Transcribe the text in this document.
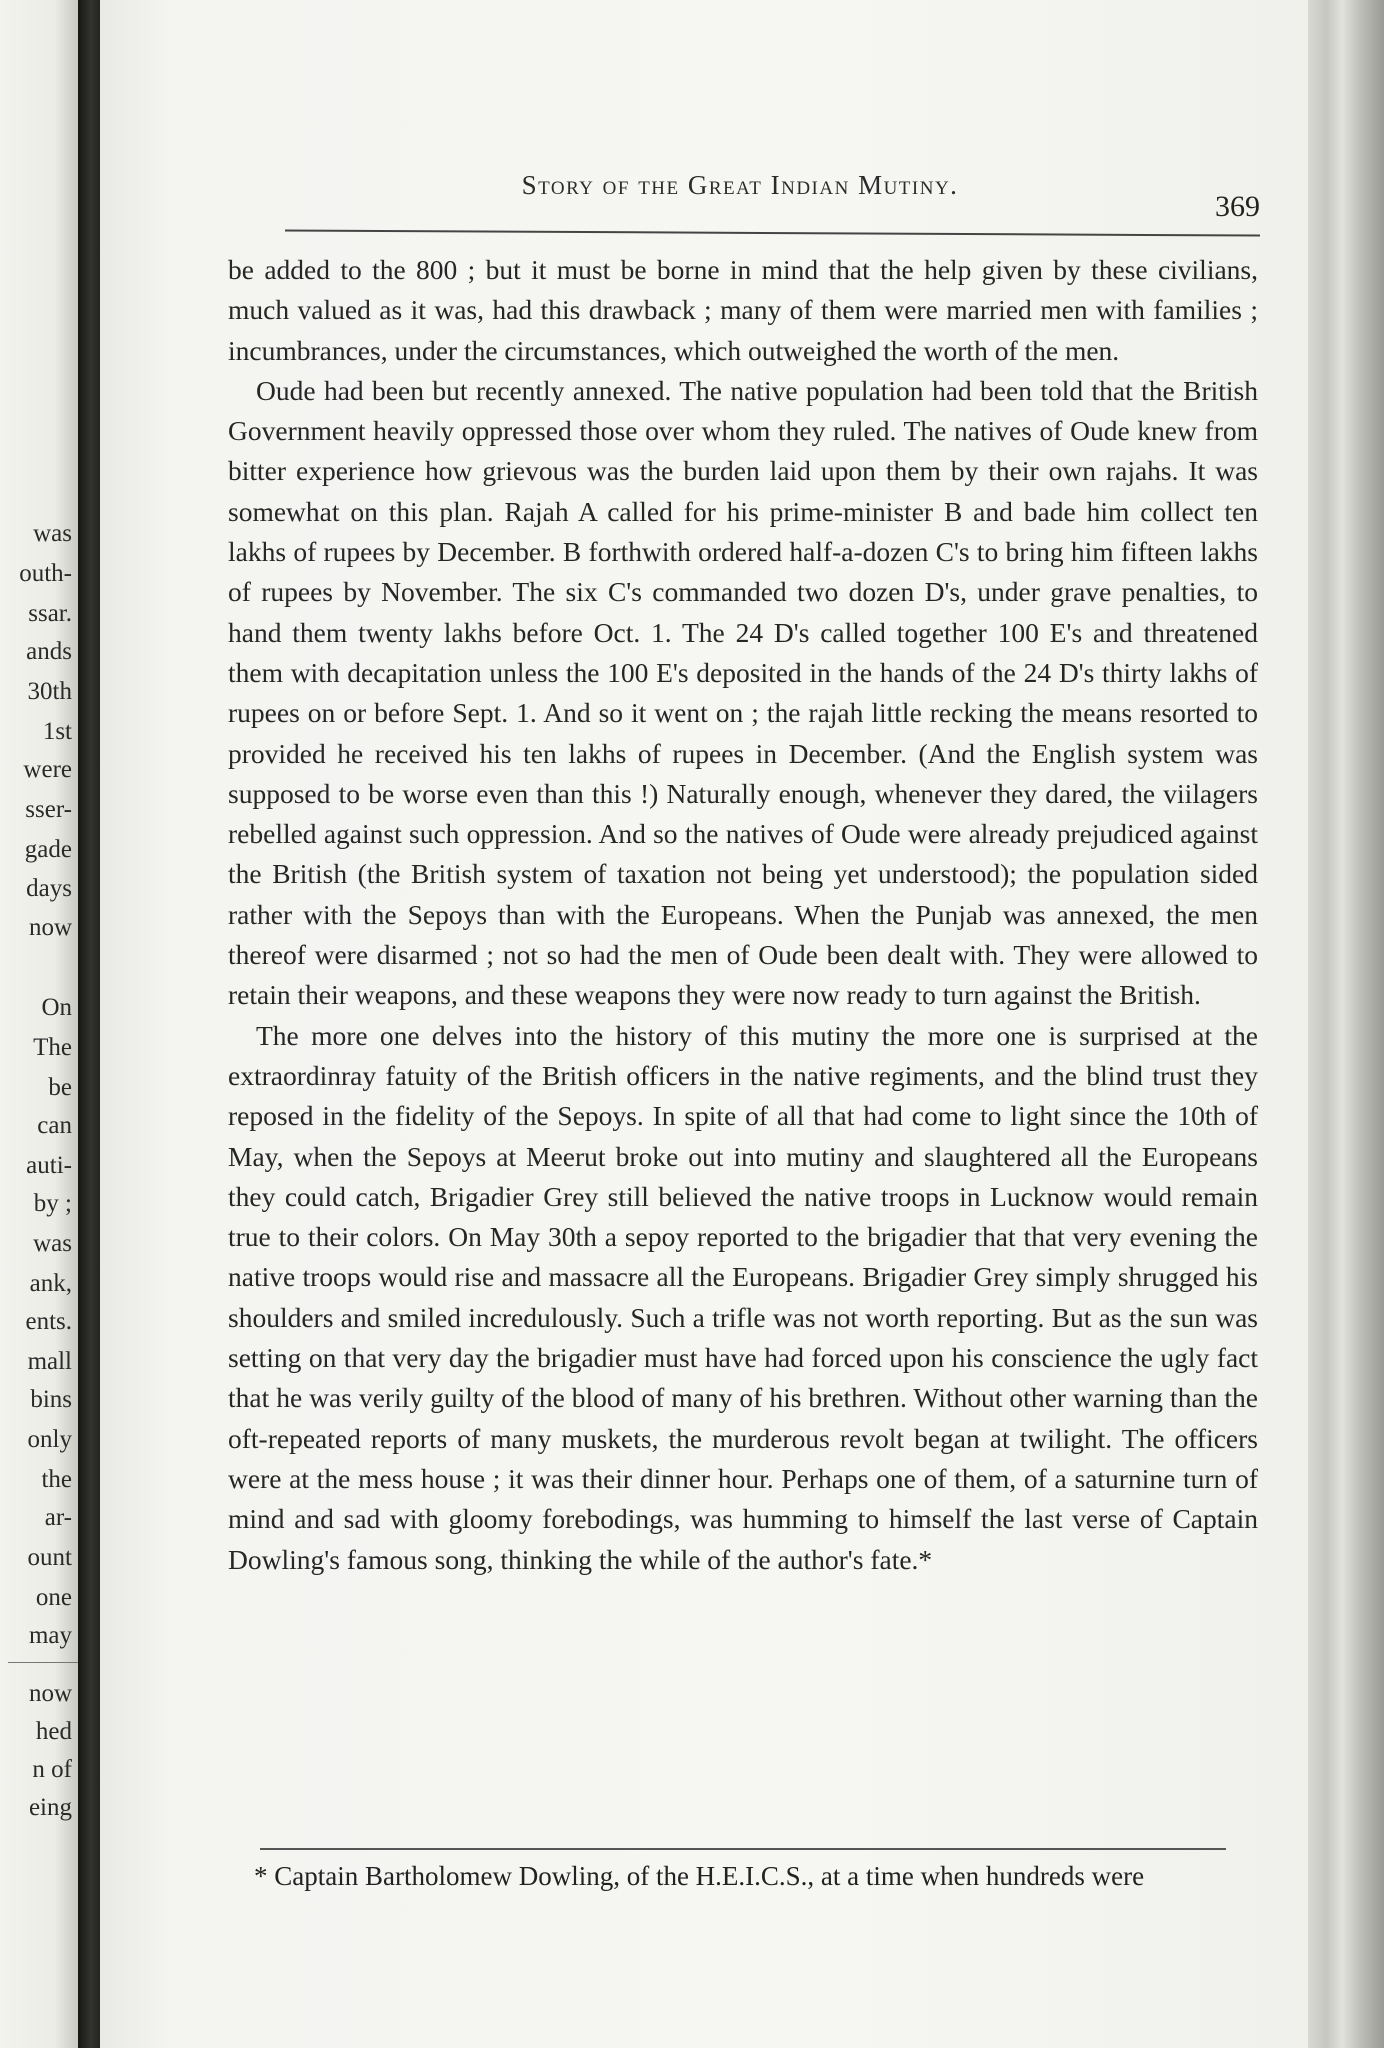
was
outh-
ssar.
ands
30th
1st
were
sser-
gade
days
now
On
The
be
can
auti-
by ;
was
ank,
ents.
mall
bins
only
the
ar-
ount
one
may
now
hed
n of
eing
Story of the Great Indian Mutiny.
369

be added to the 800 ; but it must be borne in mind that the help given by these civilians, much valued as it was, had this drawback ; many of them were married men with families ; incumbrances, under the circumstances, which outweighed the worth of the men.

Oude had been but recently annexed. The native population had been told that the British Government heavily oppressed those over whom they ruled. The natives of Oude knew from bitter experience how grievous was the burden laid upon them by their own rajahs. It was somewhat on this plan. Rajah A called for his prime-minister B and bade him collect ten lakhs of rupees by December. B forthwith ordered half-a-dozen C's to bring him fifteen lakhs of rupees by November. The six C's commanded two dozen D's, under grave penalties, to hand them twenty lakhs before Oct. 1. The 24 D's called together 100 E's and threatened them with decapitation unless the 100 E's deposited in the hands of the 24 D's thirty lakhs of rupees on or before Sept. 1. And so it went on ; the rajah little recking the means resorted to provided he received his ten lakhs of rupees in December. (And the English system was supposed to be worse even than this !) Naturally enough, whenever they dared, the viilagers rebelled against such oppression. And so the natives of Oude were already prejudiced against the British (the British system of taxation not being yet understood); the population sided rather with the Sepoys than with the Europeans. When the Punjab was annexed, the men thereof were disarmed ; not so had the men of Oude been dealt with. They were allowed to retain their weapons, and these weapons they were now ready to turn against the British.

The more one delves into the history of this mutiny the more one is surprised at the extraordinray fatuity of the British officers in the native regiments, and the blind trust they reposed in the fidelity of the Sepoys. In spite of all that had come to light since the 10th of May, when the Sepoys at Meerut broke out into mutiny and slaughtered all the Europeans they could catch, Brigadier Grey still believed the native troops in Lucknow would remain true to their colors. On May 30th a sepoy reported to the brigadier that that very evening the native troops would rise and massacre all the Europeans. Brigadier Grey simply shrugged his shoulders and smiled incredulously. Such a trifle was not worth reporting. But as the sun was setting on that very day the brigadier must have had forced upon his conscience the ugly fact that he was verily guilty of the blood of many of his brethren. Without other warning than the oft-repeated reports of many muskets, the murderous revolt began at twilight. The officers were at the mess house ; it was their dinner hour. Perhaps one of them, of a saturnine turn of mind and sad with gloomy forebodings, was humming to himself the last verse of Captain Dowling's famous song, thinking the while of the author's fate.*

* Captain Bartholomew Dowling, of the H.E.I.C.S., at a time when hundreds were
